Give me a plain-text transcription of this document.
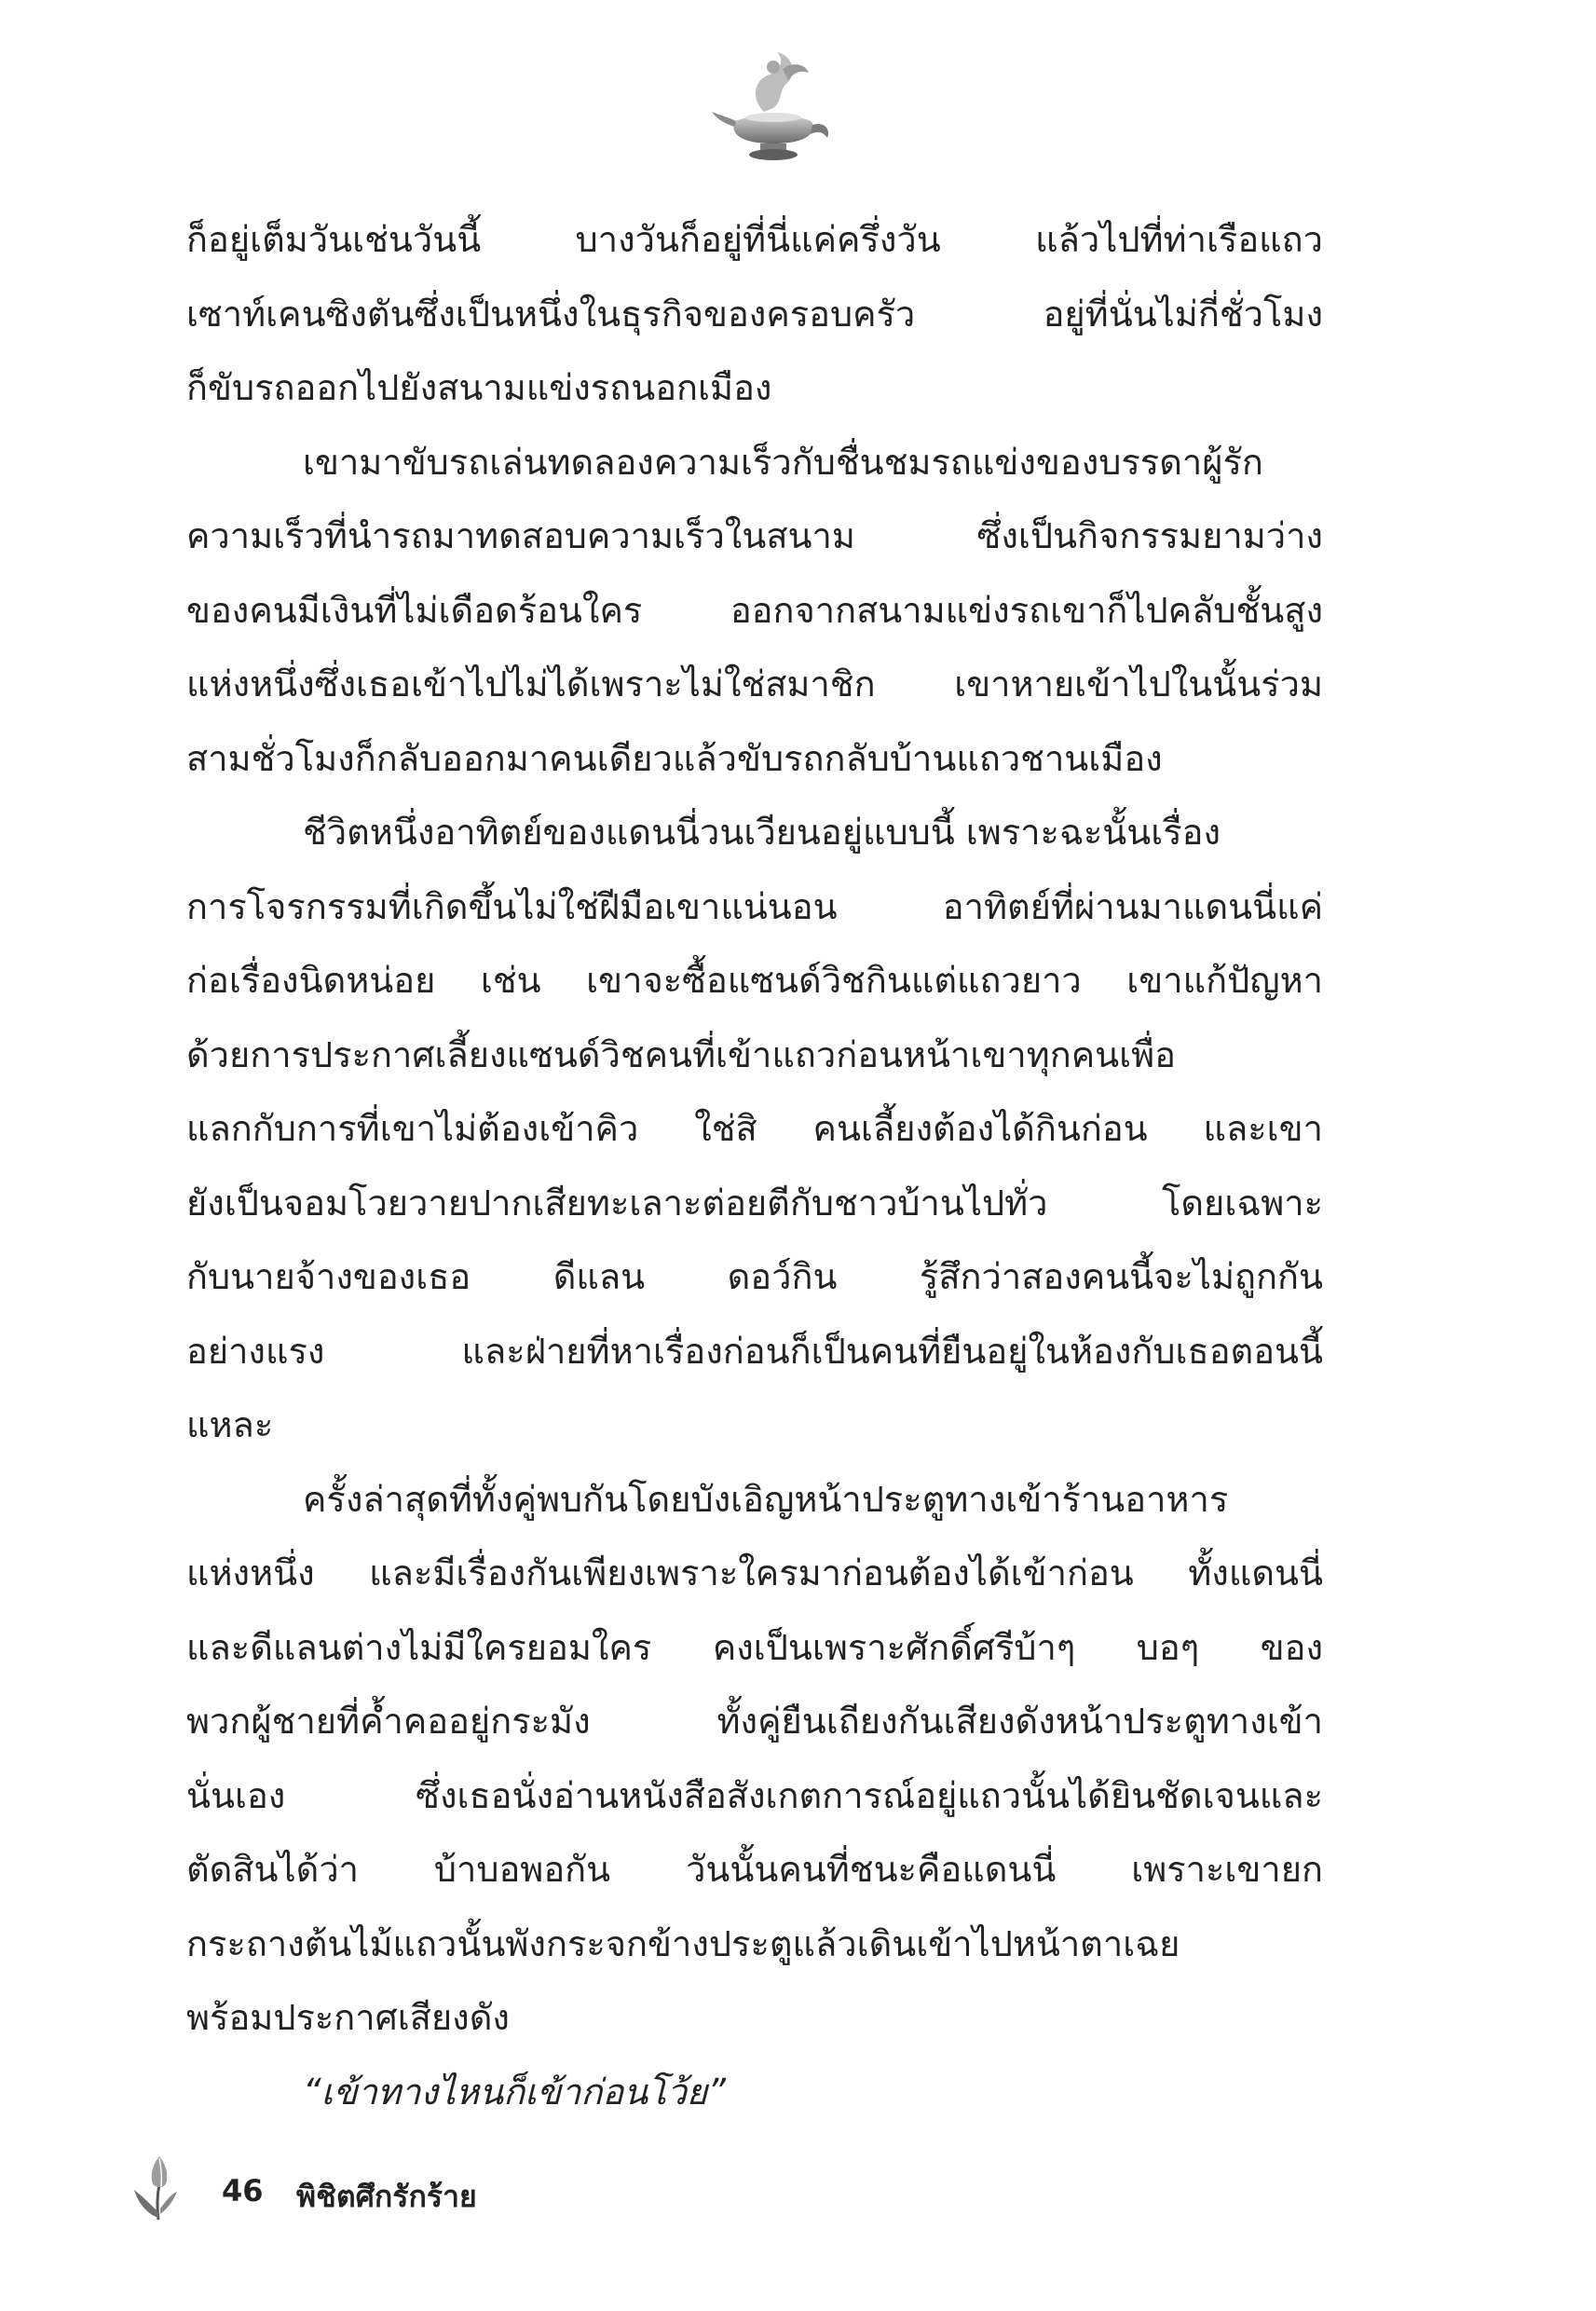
ก็อยู่เต็มวันเช่นวันนี้ บางวันก็อยู่ที่นี่แค่ครึ่งวัน แล้วไปที่ท่าเรือแถว
เซาท์เคนซิงตันซึ่งเป็นหนึ่งในธุรกิจของครอบครัว อยู่ที่นั่นไม่กี่ชั่วโมง
ก็ขับรถออกไปยังสนามแข่งรถนอกเมือง
เขามาขับรถเล่นทดลองความเร็วกับชื่นชมรถแข่งของบรรดาผู้รัก
ความเร็วที่นำรถมาทดสอบความเร็วในสนาม ซึ่งเป็นกิจกรรมยามว่าง
ของคนมีเงินที่ไม่เดือดร้อนใคร ออกจากสนามแข่งรถเขาก็ไปคลับชั้นสูง
แห่งหนึ่งซึ่งเธอเข้าไปไม่ได้เพราะไม่ใช่สมาชิก เขาหายเข้าไปในนั้นร่วม
สามชั่วโมงก็กลับออกมาคนเดียวแล้วขับรถกลับบ้านแถวชานเมือง
ชีวิตหนึ่งอาทิตย์ของแดนนี่วนเวียนอยู่แบบนี้ เพราะฉะนั้นเรื่อง
การโจรกรรมที่เกิดขึ้นไม่ใช่ฝีมือเขาแน่นอน อาทิตย์ที่ผ่านมาแดนนี่แค่
ก่อเรื่องนิดหน่อย เช่น เขาจะซื้อแซนด์วิชกินแต่แถวยาว เขาแก้ปัญหา
ด้วยการประกาศเลี้ยงแซนด์วิชคนที่เข้าแถวก่อนหน้าเขาทุกคนเพื่อ
แลกกับการที่เขาไม่ต้องเข้าคิว ใช่สิ คนเลี้ยงต้องได้กินก่อน และเขา
ยังเป็นจอมโวยวายปากเสียทะเลาะต่อยตีกับชาวบ้านไปทั่ว โดยเฉพาะ
กับนายจ้างของเธอ ดีแลน ดอว์กิน รู้สึกว่าสองคนนี้จะไม่ถูกกัน
อย่างแรง และฝ่ายที่หาเรื่องก่อนก็เป็นคนที่ยืนอยู่ในห้องกับเธอตอนนี้
แหละ
ครั้งล่าสุดที่ทั้งคู่พบกันโดยบังเอิญหน้าประตูทางเข้าร้านอาหาร
แห่งหนึ่ง และมีเรื่องกันเพียงเพราะใครมาก่อนต้องได้เข้าก่อน ทั้งแดนนี่
และดีแลนต่างไม่มีใครยอมใคร คงเป็นเพราะศักดิ์ศรีบ้าๆ บอๆ ของ
พวกผู้ชายที่ค้ำคออยู่กระมัง ทั้งคู่ยืนเถียงกันเสียงดังหน้าประตูทางเข้า
นั่นเอง ซึ่งเธอนั่งอ่านหนังสือสังเกตการณ์อยู่แถวนั้นได้ยินชัดเจนและ
ตัดสินได้ว่า บ้าบอพอกัน วันนั้นคนที่ชนะคือแดนนี่ เพราะเขายก
กระถางต้นไม้แถวนั้นพังกระจกข้างประตูแล้วเดินเข้าไปหน้าตาเฉย
พร้อมประกาศเสียงดัง
“เข้าทางไหนก็เข้าก่อนโว้ย”
46 พิชิตศึกรักร้าย
